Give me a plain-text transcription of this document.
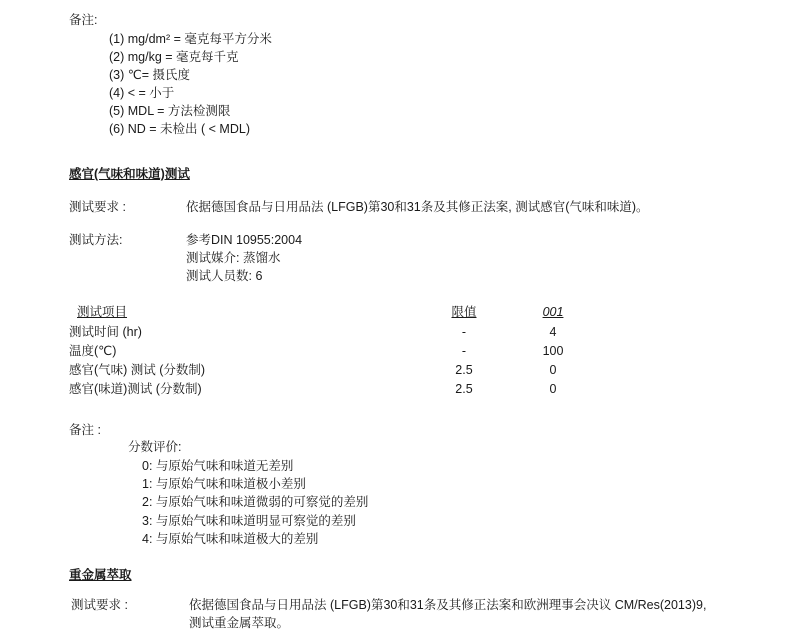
备注:
(1) mg/dm² = 毫克每平方分米
(2) mg/kg = 毫克每千克
(3) ℃= 摄氏度
(4) < = 小于
(5) MDL = 方法检测限
(6) ND = 未检出 ( < MDL)
感官(气味和味道)测试
测试要求 :	依据德国食品与日用品法 (LFGB)第30和31条及其修正法案, 测试感官(气味和味道)。
测试方法:	参考DIN 10955:2004
测试媒介: 蒸馏水
测试人员数: 6
测试项目	限值	001
测试时间 (hr)	-	4
温度(℃)	-	100
感官(气味) 测试 (分数制)	2.5	0
感官(味道)测试 (分数制)	2.5	0
备注 :
分数评价:
0: 与原始气味和味道无差别
1: 与原始气味和味道极小差别
2: 与原始气味和味道微弱的可察觉的差别
3: 与原始气味和味道明显可察觉的差别
4: 与原始气味和味道极大的差别
重金属萃取
测试要求 :	依据德国食品与日用品法 (LFGB)第30和31条及其修正法案和欧洲理事会决议 CM/Res(2013)9,
测试重金属萃取。
